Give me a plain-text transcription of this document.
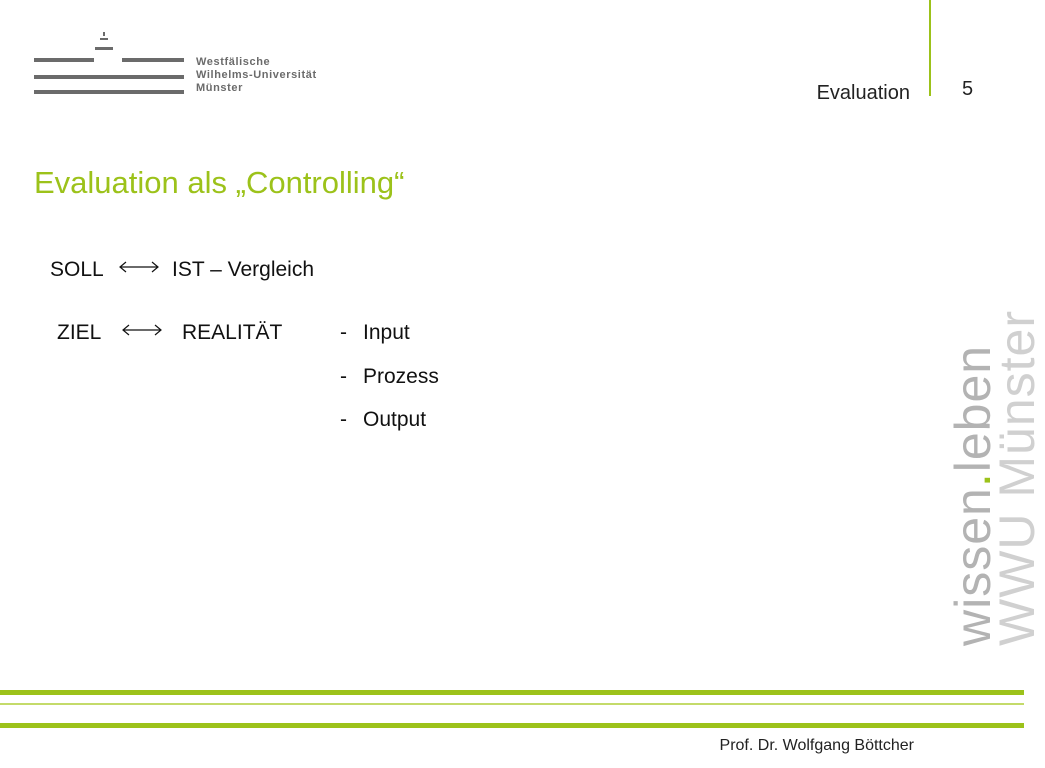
Westfälische
Wilhelms-Universität
Münster	Evaluation	5
Evaluation als „Controlling“
SOLL	IST – Vergleich
ZIEL	REALITÄT	- Input
- Prozess
- Output
wissen.leben
WWU Münster
Prof. Dr. Wolfgang Böttcher
